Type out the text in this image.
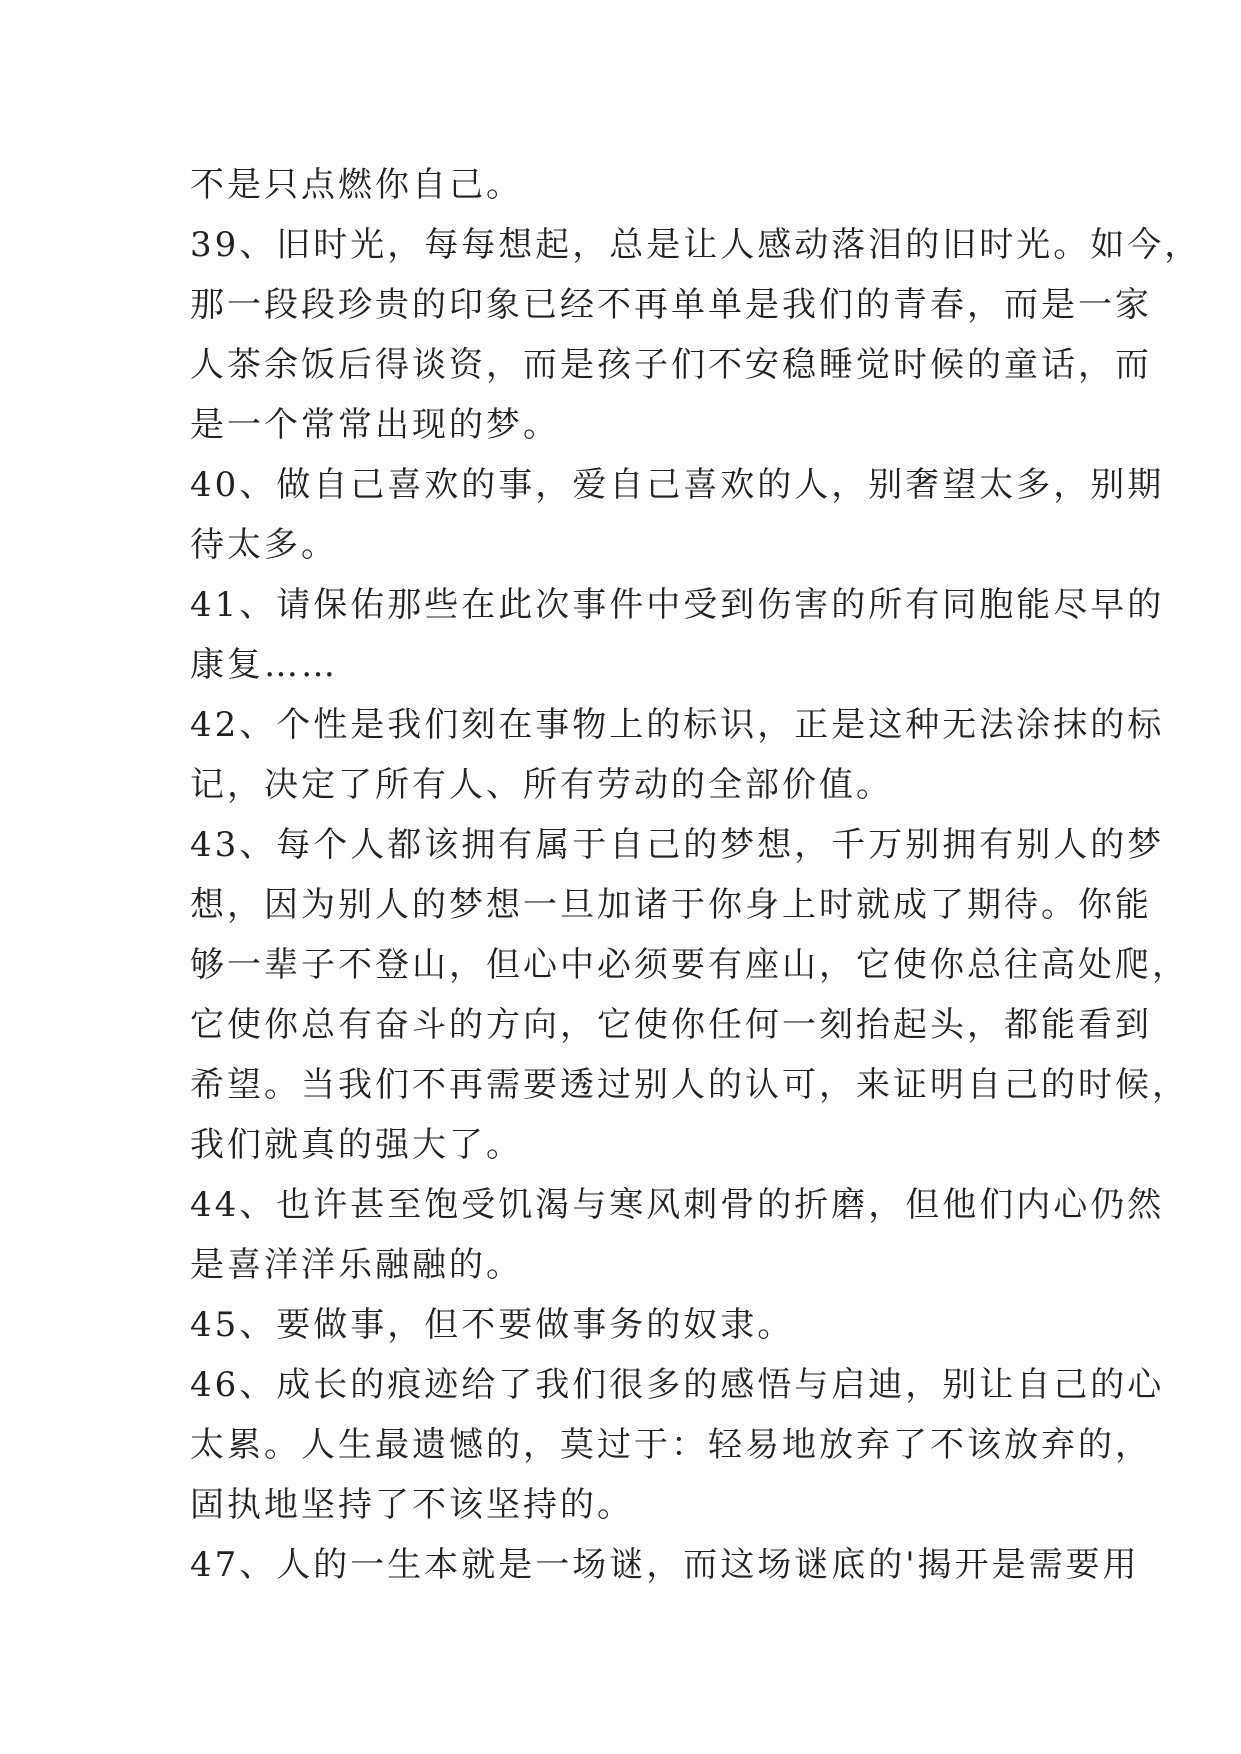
不是只点燃你自己。
39、旧时光，每每想起，总是让人感动落泪的旧时光。如今，
那一段段珍贵的印象已经不再单单是我们的青春，而是一家
人茶余饭后得谈资，而是孩子们不安稳睡觉时候的童话，而
是一个常常出现的梦。
40、做自己喜欢的事，爱自己喜欢的人，别奢望太多，别期
待太多。
41、请保佑那些在此次事件中受到伤害的所有同胞能尽早的
康复……
42、个性是我们刻在事物上的标识，正是这种无法涂抹的标
记，决定了所有人、所有劳动的全部价值。
43、每个人都该拥有属于自己的梦想，千万别拥有别人的梦
想，因为别人的梦想一旦加诸于你身上时就成了期待。你能
够一辈子不登山，但心中必须要有座山，它使你总往高处爬，
它使你总有奋斗的方向，它使你任何一刻抬起头，都能看到
希望。当我们不再需要透过别人的认可，来证明自己的时候，
我们就真的强大了。
44、也许甚至饱受饥渴与寒风刺骨的折磨，但他们内心仍然
是喜洋洋乐融融的。
45、要做事，但不要做事务的奴隶。
46、成长的痕迹给了我们很多的感悟与启迪，别让自己的心
太累。人生最遗憾的，莫过于：轻易地放弃了不该放弃的，
固执地坚持了不该坚持的。
47、人的一生本就是一场谜，而这场谜底的'揭开是需要用
